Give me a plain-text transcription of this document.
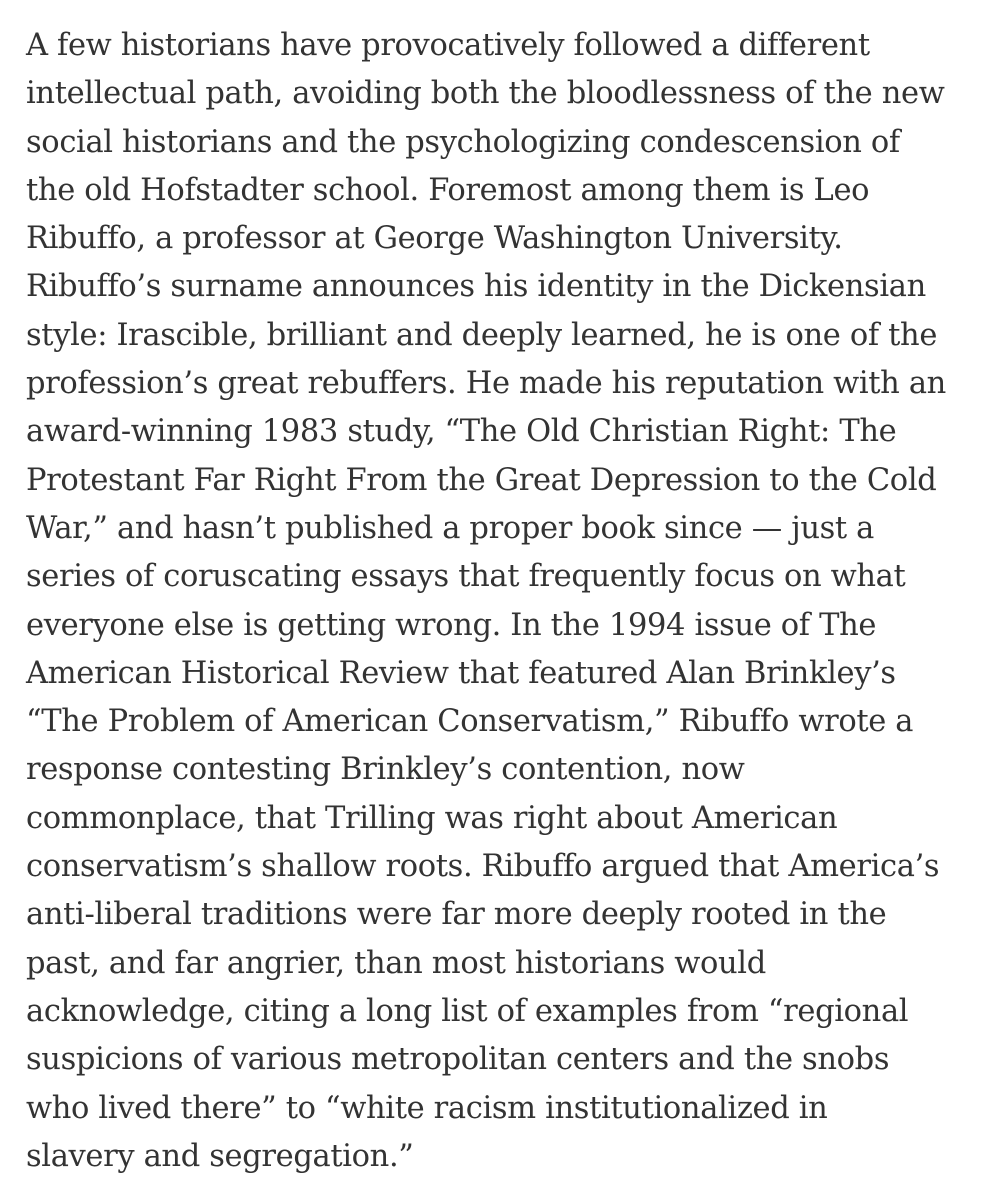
A few historians have provocatively followed a different
intellectual path, avoiding both the bloodlessness of the new
social historians and the psychologizing condescension of
the old Hofstadter school. Foremost among them is Leo
Ribuffo, a professor at George Washington University.
Ribuffo’s surname announces his identity in the Dickensian
style: Irascible, brilliant and deeply learned, he is one of the
profession’s great rebuffers. He made his reputation with an
award-winning 1983 study, “The Old Christian Right: The
Protestant Far Right From the Great Depression to the Cold
War,” and hasn’t published a proper book since — just a
series of coruscating essays that frequently focus on what
everyone else is getting wrong. In the 1994 issue of The
American Historical Review that featured Alan Brinkley’s
“The Problem of American Conservatism,” Ribuffo wrote a
response contesting Brinkley’s contention, now
commonplace, that Trilling was right about American
conservatism’s shallow roots. Ribuffo argued that America’s
anti-liberal traditions were far more deeply rooted in the
past, and far angrier, than most historians would
acknowledge, citing a long list of examples from “regional
suspicions of various metropolitan centers and the snobs
who lived there” to “white racism institutionalized in
slavery and segregation.”
